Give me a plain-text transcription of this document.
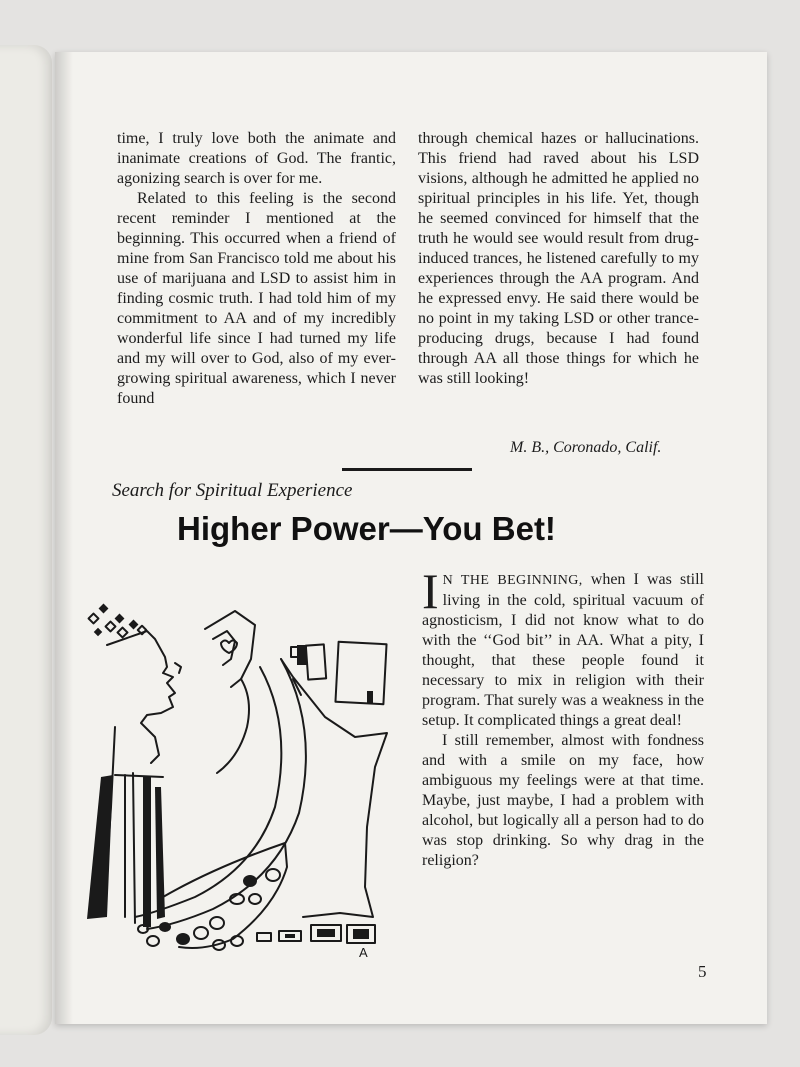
time, I truly love both the animate and inanimate creations of God. The frantic, agonizing search is over for me.

Related to this feeling is the second recent reminder I mentioned at the beginning. This occurred when a friend of mine from San Francisco told me about his use of marijuana and LSD to assist him in finding cosmic truth. I had told him of my commitment to AA and of my incredibly wonderful life since I had turned my life and my will over to God, also of my ever-growing spiritual awareness, which I never found

through chemical hazes or hallucinations. This friend had raved about his LSD visions, although he admitted he applied no spiritual principles in his life. Yet, though he seemed convinced for himself that the truth he would see would result from drug-induced trances, he listened carefully to my experiences through the AA program. And he expressed envy. He said there would be no point in my taking LSD or other trance-producing drugs, because I had found through AA all those things for which he was still looking!

M. B., Coronado, Calif.
Search for Spiritual Experience
Higher Power—You Bet!
A

I N THE BEGINNING, when I was still living in the cold, spiritual vacuum of agnosticism, I did not know what to do with the ‘‘God bit’’ in AA. What a pity, I thought, that these people found it necessary to mix in religion with their program. That surely was a weakness in the setup. It complicated things a great deal!

I still remember, almost with fondness and with a smile on my face, how ambiguous my feelings were at that time. Maybe, just maybe, I had a problem with alcohol, but logically all a person had to do was stop drinking. So why drag in the religion?

5
